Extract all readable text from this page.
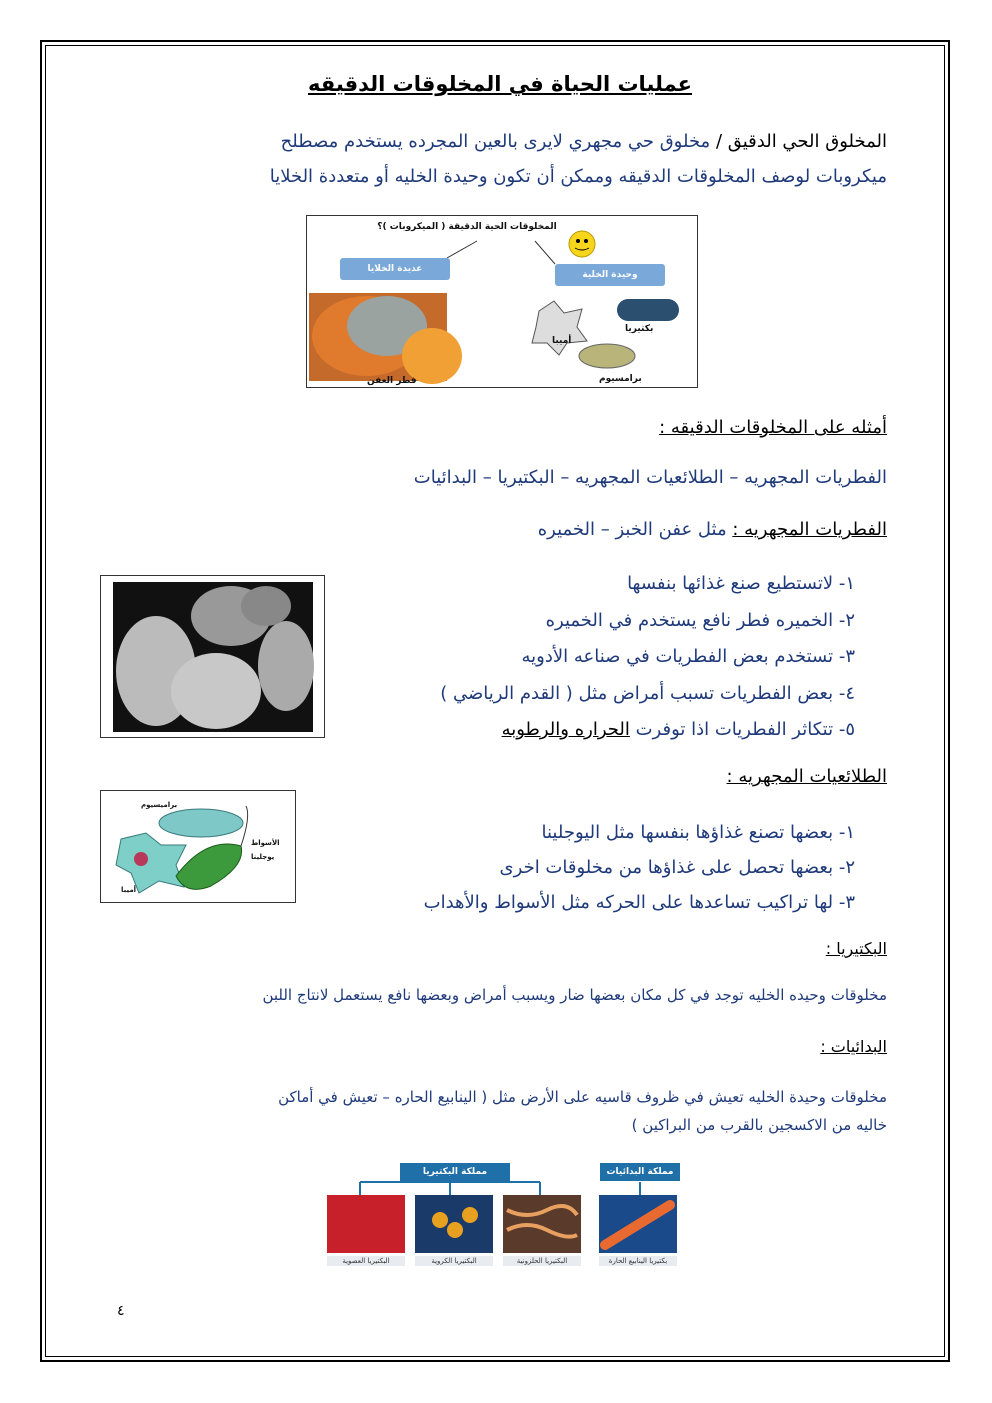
عمليات الحياة في المخلوقات الدقيقه
المخلوق الحي الدقيق / مخلوق حي مجهري لايرى بالعين المجرده يستخدم مصطلح
ميكروبات لوصف المخلوقات الدقيقه وممكن أن تكون وحيدة الخليه أو متعددة الخلايا
المخلوقات الحية الدقيقة ( الميكروبات )؟
عديدة الخلايا
وحيدة الخلية
بكتيريا
أميبا
برامسيوم
فطر العفن
أمثله على المخلوقات الدقيقه :
الفطريات المجهريه – الطلائعيات المجهريه – البكتيريا – البدائيات
الفطريات المجهريه : مثل عفن الخبز – الخميره
١- لاتستطيع صنع غذائها بنفسها
٢- الخميره فطر نافع يستخدم في الخميره
٣- تستخدم بعض الفطريات في صناعه الأدويه
٤- بعض الفطريات تسبب أمراض مثل ( القدم الرياضي )
٥- تتكاثر الفطريات اذا توفرت الحراره والرطوبه
الطلائعيات المجهريه :
براميسيوم
الأسواط
أميبا
يوجلينا
١- بعضها تصنع غذاؤها بنفسها مثل اليوجلينا
٢- بعضها تحصل على غذاؤها من مخلوقات اخرى
٣- لها تراكيب تساعدها على الحركه مثل الأسواط والأهداب
البكتيريا :
مخلوقات وحيده الخليه توجد في كل مكان بعضها ضار ويسبب أمراض وبعضها نافع يستعمل لانتاج اللبن
البدائيات :
مخلوقات وحيدة الخليه تعيش في ظروف قاسيه على الأرض مثل ( الينابيع الحاره – تعيش في أماكن
خاليه من الاكسجين بالقرب من البراكين )
مملكة البكتيريا	مملكة البدائيات
البكتيريا العصوية	البكتيريا الكروية	البكتيريا الحلزونية	بكتيريا الينابيع الحارة
٤
